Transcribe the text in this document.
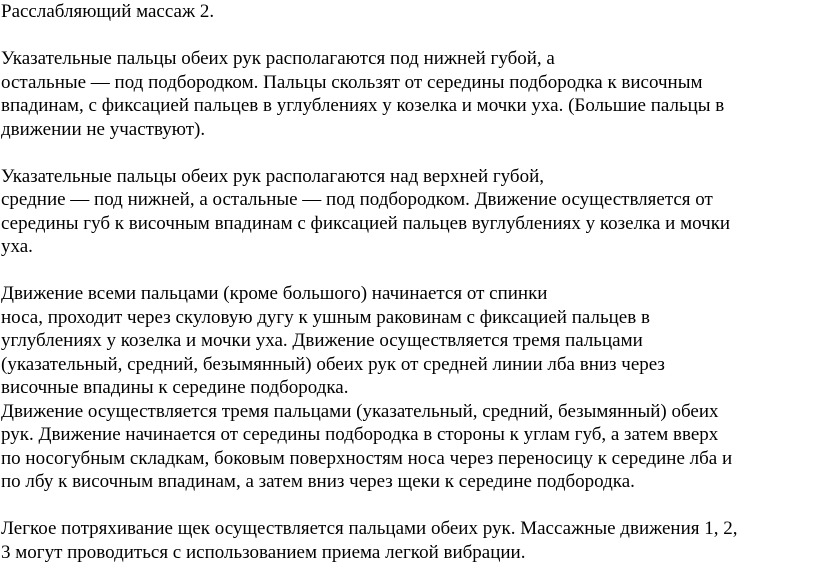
Расслабляющий массаж 2.
Указательные пальцы обеих рук располагаются под нижней губой, а
остальные — под подбородком. Пальцы скользят от середины подбородка к височным
впадинам, с фиксацией пальцев в углублениях у козелка и мочки уха. (Большие пальцы в
движении не участвуют).
Указательные пальцы обеих рук располагаются над верхней губой,
средние — под нижней, а остальные — под подбородком. Движение осуществляется от
середины губ к височным впадинам с фиксацией пальцев вуглублениях у козелка и мочки
уха.
Движение всеми пальцами (кроме большого) начинается от спинки
носа, проходит через скуловую дугу к ушным раковинам с фиксацией пальцев в
углублениях у козелка и мочки уха. Движение осуществляется тремя пальцами
(указательный, средний, безымянный) обеих рук от средней линии лба вниз через
височные впадины к середине подбородка.
Движение осуществляется тремя пальцами (указательный, средний, безымянный) обеих
рук. Движение начинается от середины подбородка в стороны к углам губ, а затем вверх
по носогубным складкам, боковым поверхностям носа через переносицу к середине лба и
по лбу к височным впадинам, а затем вниз через щеки к середине подбородка.
Легкое потряхивание щек осуществляется пальцами обеих рук. Массажные движения 1, 2,
3 могут проводиться с использованием приема легкой вибрации.
